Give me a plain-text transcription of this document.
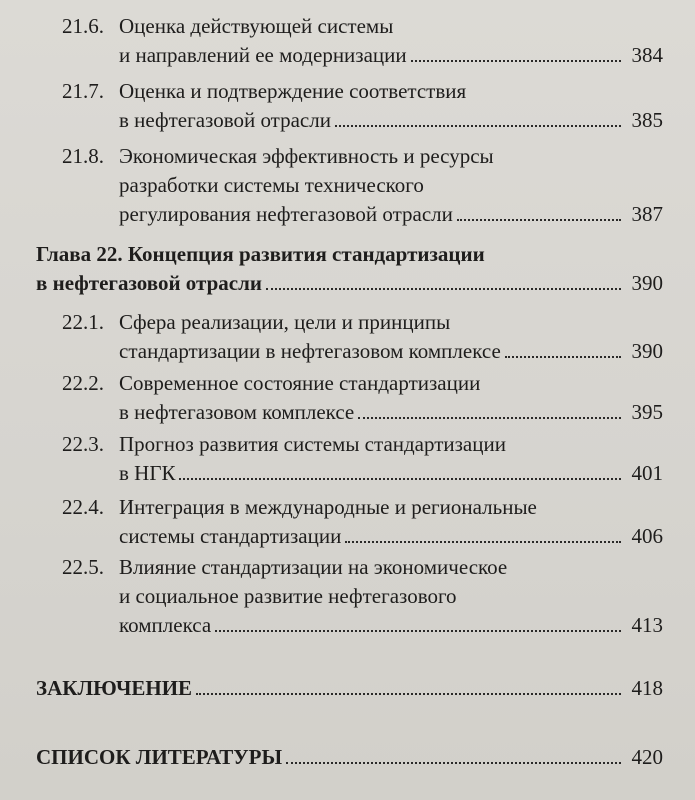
21.6. Оценка действующей системы
и направлений ее модернизации	384
21.7. Оценка и подтверждение соответствия
в нефтегазовой отрасли	385
21.8. Экономическая эффективность и ресурсы
разработки системы технического
регулирования нефтегазовой отрасли	387
Глава 22. Концепция развития стандартизации
в нефтегазовой отрасли	390
22.1. Сфера реализации, цели и принципы
стандартизации в нефтегазовом комплексе	390
22.2. Современное состояние стандартизации
в нефтегазовом комплексе	395
22.3. Прогноз развития системы стандартизации
в НГК	401
22.4. Интеграция в международные и региональные
системы стандартизации	406
22.5. Влияние стандартизации на экономическое
и социальное развитие нефтегазового
комплекса	413
ЗАКЛЮЧЕНИЕ	418
СПИСОК ЛИТЕРАТУРЫ	420
